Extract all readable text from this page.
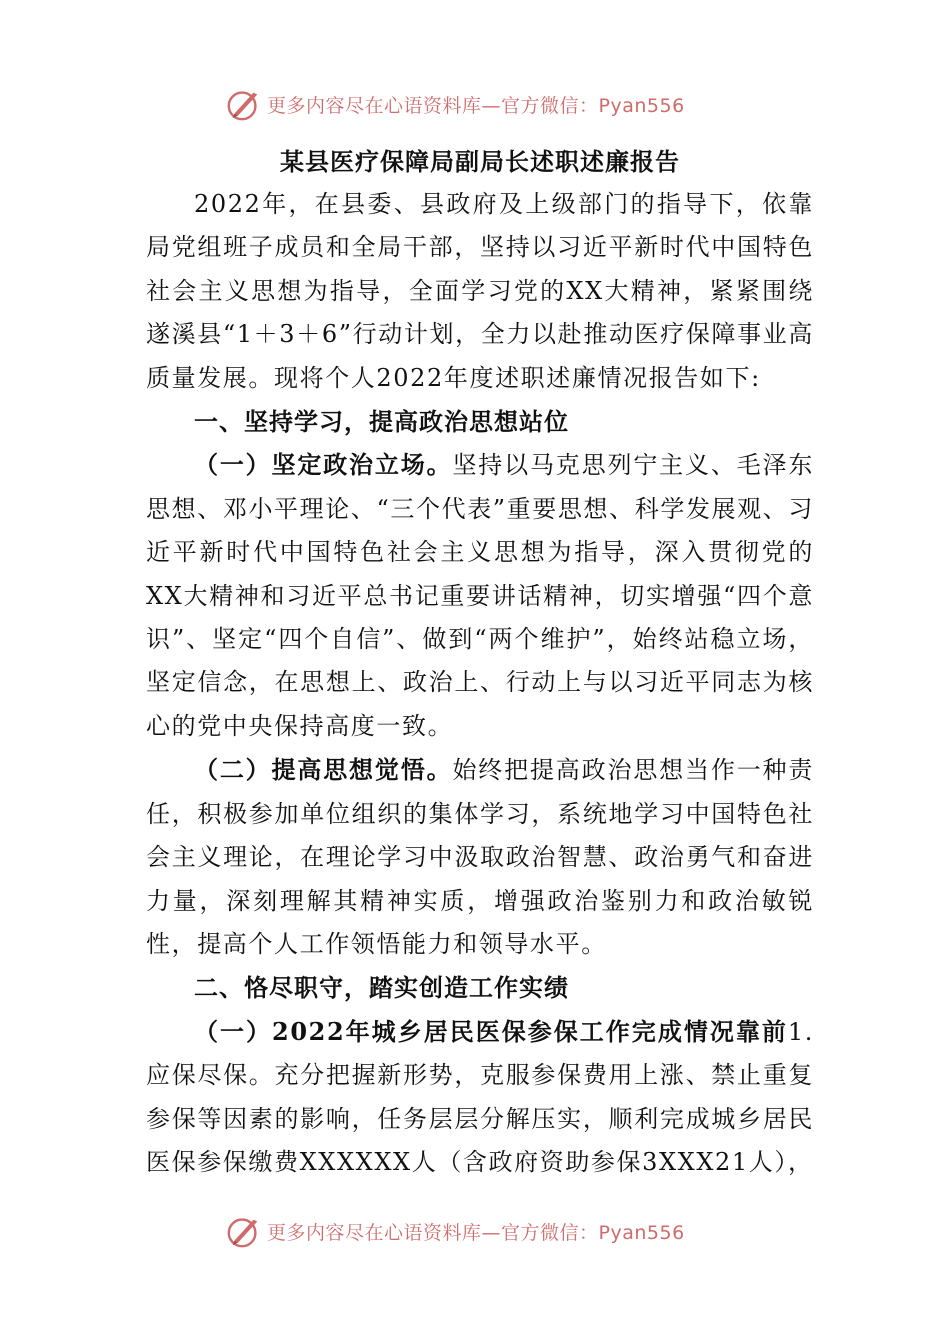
更多内容尽在心语资料库—官方微信：Pyan556

某县医疗保障局副局长述职述廉报告

2022年，在县委、县政府及上级部门的指导下，依靠局党组班子成员和全局干部，坚持以习近平新时代中国特色社会主义思想为指导，全面学习党的XX大精神，紧紧围绕遂溪县“1＋3＋6”行动计划，全力以赴推动医疗保障事业高质量发展。现将个人2022年度述职述廉情况报告如下:

一、坚持学习，提高政治思想站位

（一）坚定政治立场。坚持以马克思列宁主义、毛泽东思想、邓小平理论、“三个代表”重要思想、科学发展观、习近平新时代中国特色社会主义思想为指导，深入贯彻党的XX大精神和习近平总书记重要讲话精神，切实增强“四个意识”、坚定“四个自信”、做到“两个维护”，始终站稳立场，坚定信念，在思想上、政治上、行动上与以习近平同志为核心的党中央保持高度一致。

（二）提高思想觉悟。始终把提高政治思想当作一种责任，积极参加单位组织的集体学习，系统地学习中国特色社会主义理论，在理论学习中汲取政治智慧、政治勇气和奋进力量，深刻理解其精神实质，增强政治鉴别力和政治敏锐性，提高个人工作领悟能力和领导水平。

二、恪尽职守，踏实创造工作实绩

（一）2022年城乡居民医保参保工作完成情况靠前1.应保尽保。充分把握新形势，克服参保费用上涨、禁止重复参保等因素的影响，任务层层分解压实，顺利完成城乡居民医保参保缴费XXXXXX人（含政府资助参保3XXX21人），

更多内容尽在心语资料库—官方微信：Pyan556
